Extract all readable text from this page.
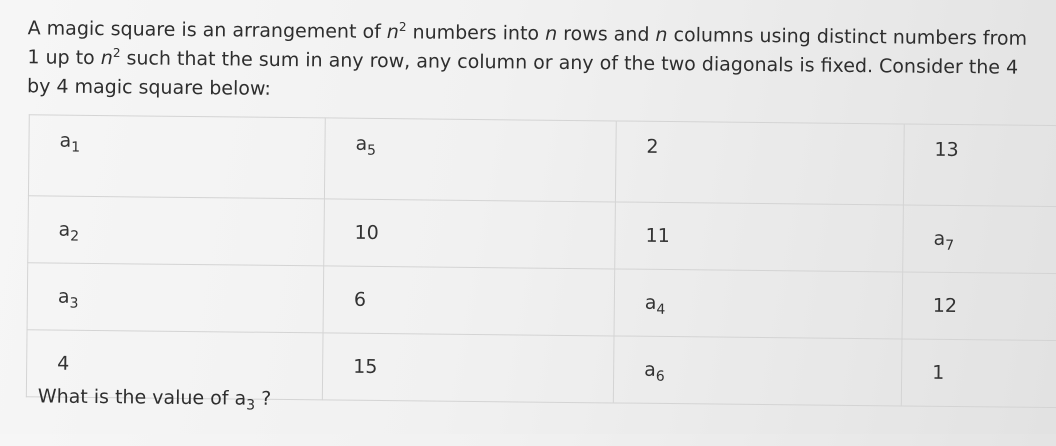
A magic square is an arrangement of $n^2$ numbers into n rows and n columns using distinct numbers from 1 up to $n^2$ such that the sum in any row, any column or any of the two diagonals is fixed. Consider the 4 by 4 magic square below:

$a_1$	$a_5$	2	13
$a_2$	10	11	$a_7$
$a_3$	6	$a_4$	12
4	15	$a_6$	1

What is the value of $a_3$ ?
